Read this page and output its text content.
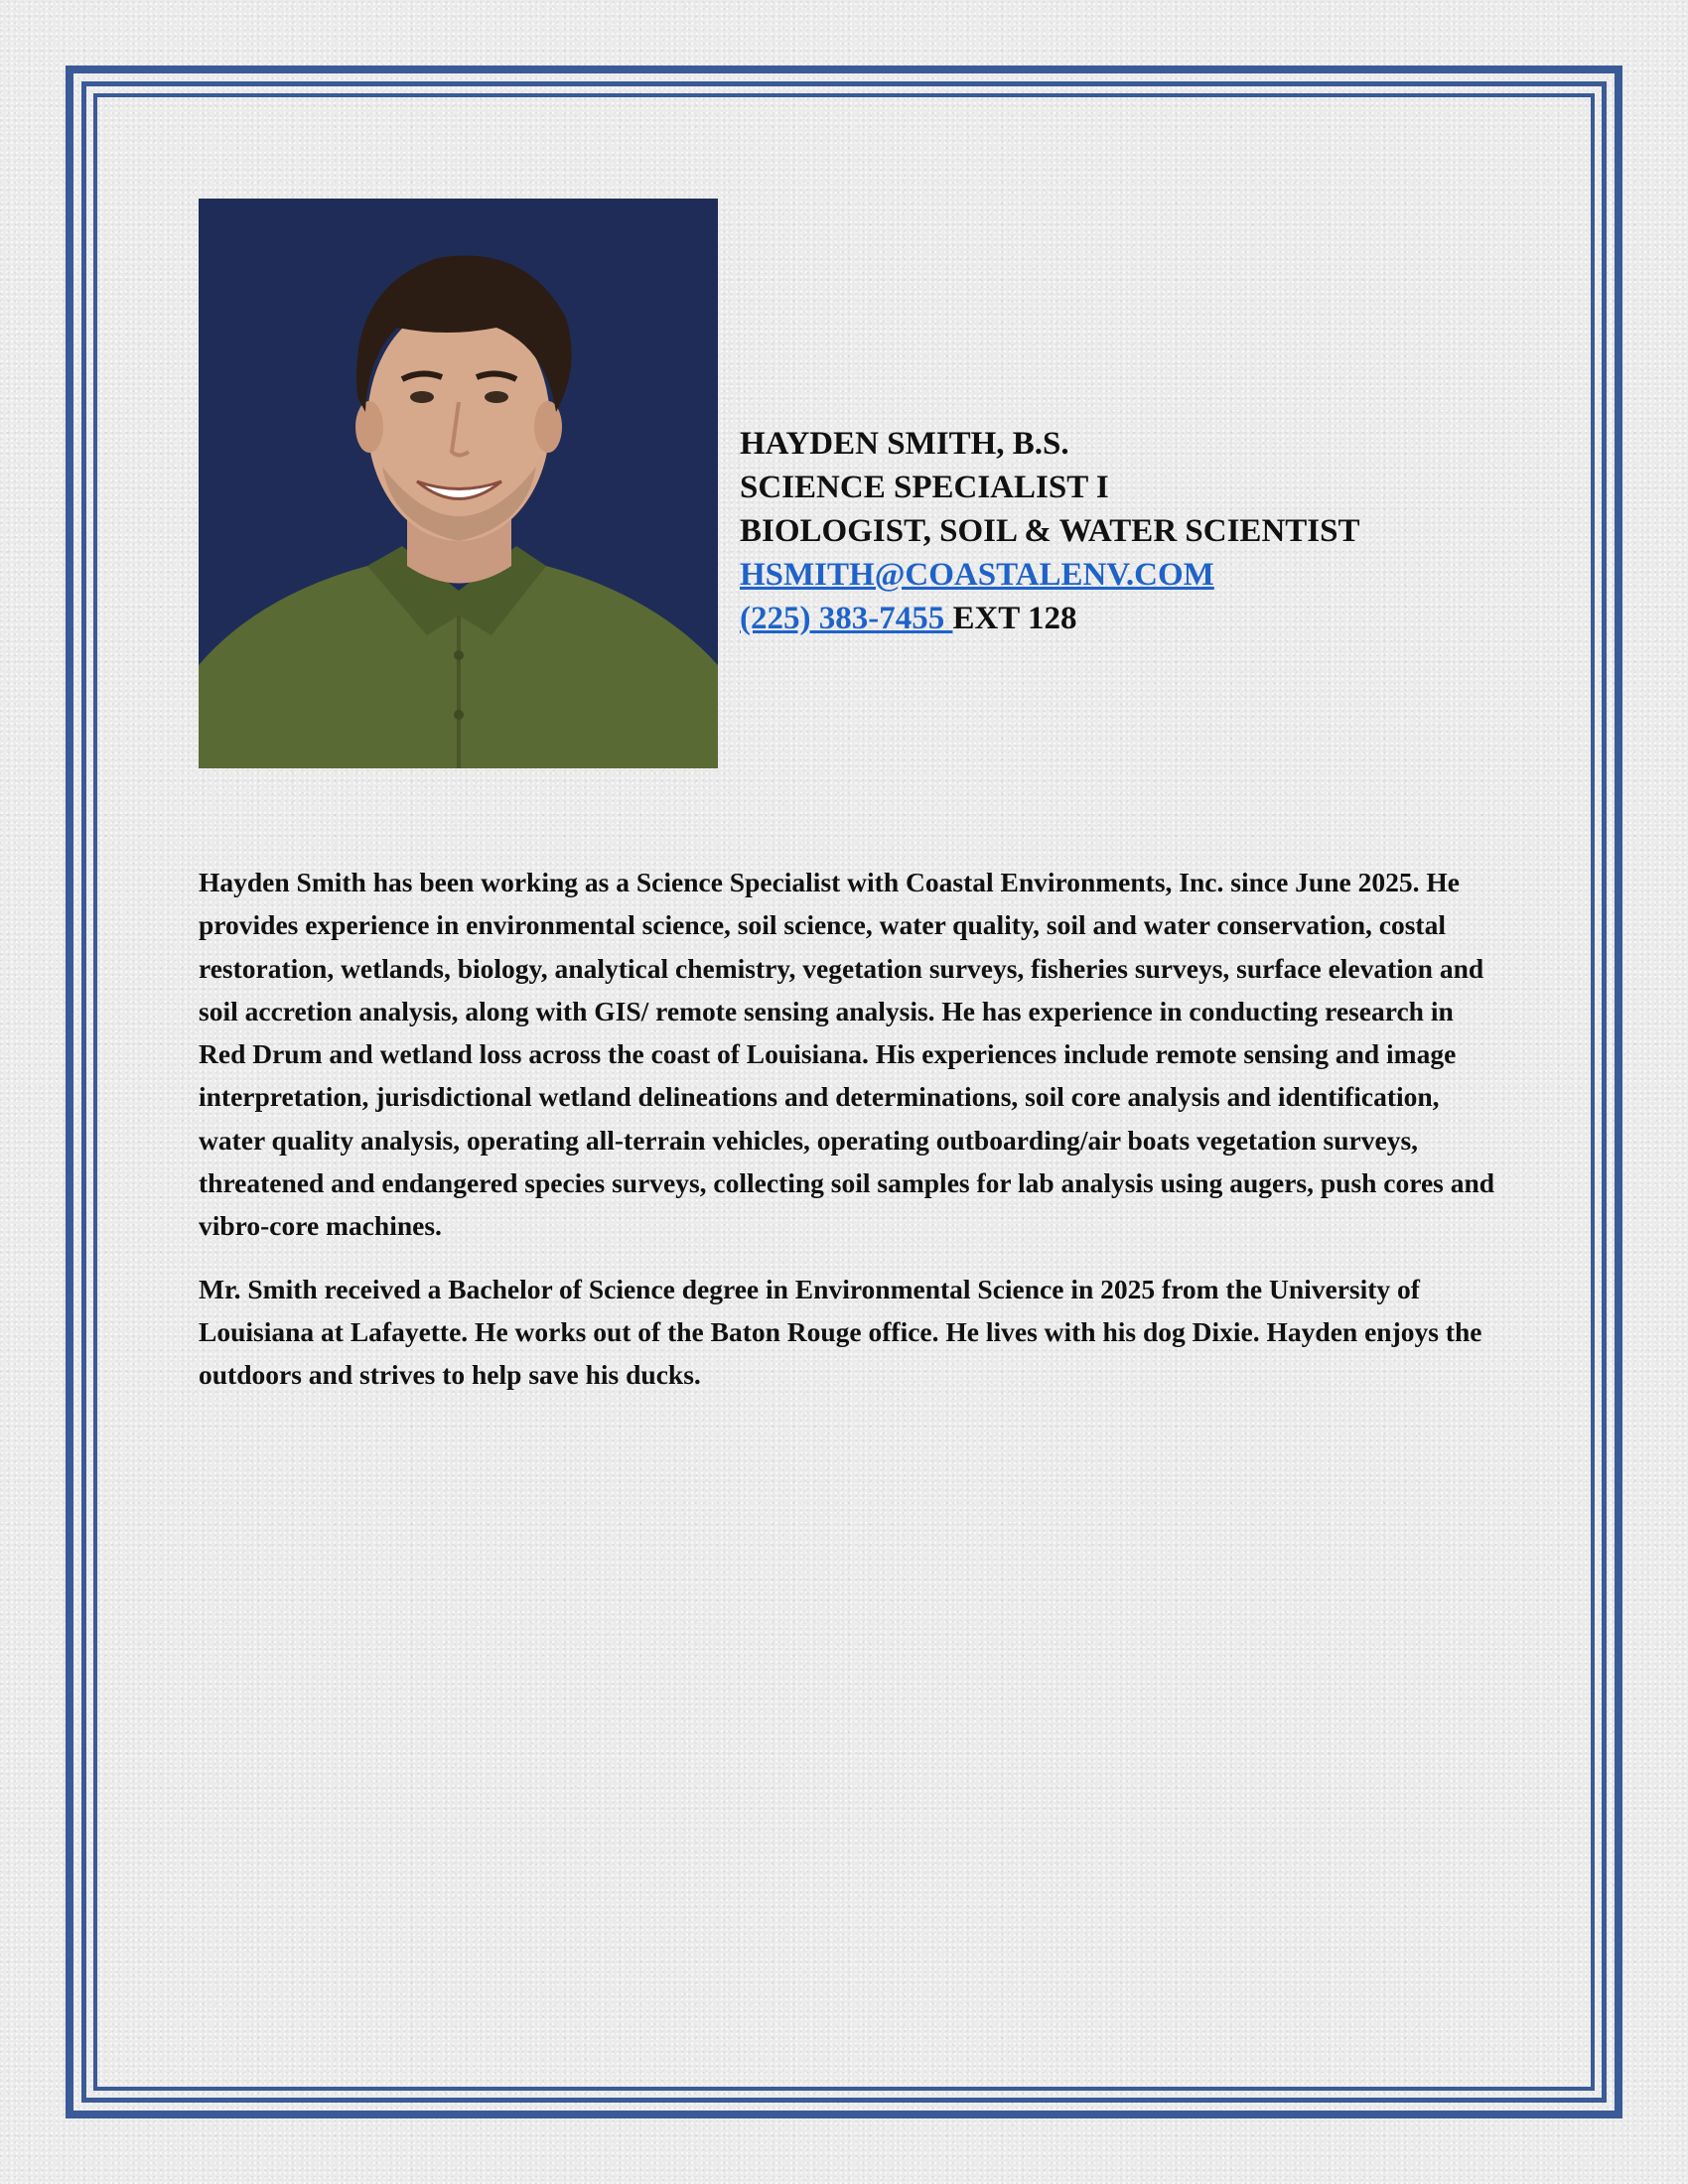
HAYDEN SMITH, B.S.
SCIENCE SPECIALIST I
BIOLOGIST, SOIL & WATER SCIENTIST
HSMITH@COASTALENV.COM
(225) 383-7455 EXT 128

Hayden Smith has been working as a Science Specialist with Coastal Environments, Inc. since June 2025. He provides experience in environmental science, soil science, water quality, soil and water conservation, costal restoration, wetlands, biology, analytical chemistry, vegetation surveys, fisheries surveys, surface elevation and soil accretion analysis, along with GIS/ remote sensing analysis. He has experience in conducting research in Red Drum and wetland loss across the coast of Louisiana. His experiences include remote sensing and image interpretation, jurisdictional wetland delineations and determinations, soil core analysis and identification, water quality analysis, operating all-terrain vehicles, operating outboarding/air boats vegetation surveys, threatened and endangered species surveys, collecting soil samples for lab analysis using augers, push cores and vibro-core machines.

Mr. Smith received a Bachelor of Science degree in Environmental Science in 2025 from the University of Louisiana at Lafayette. He works out of the Baton Rouge office. He lives with his dog Dixie. Hayden enjoys the outdoors and strives to help save his ducks.
